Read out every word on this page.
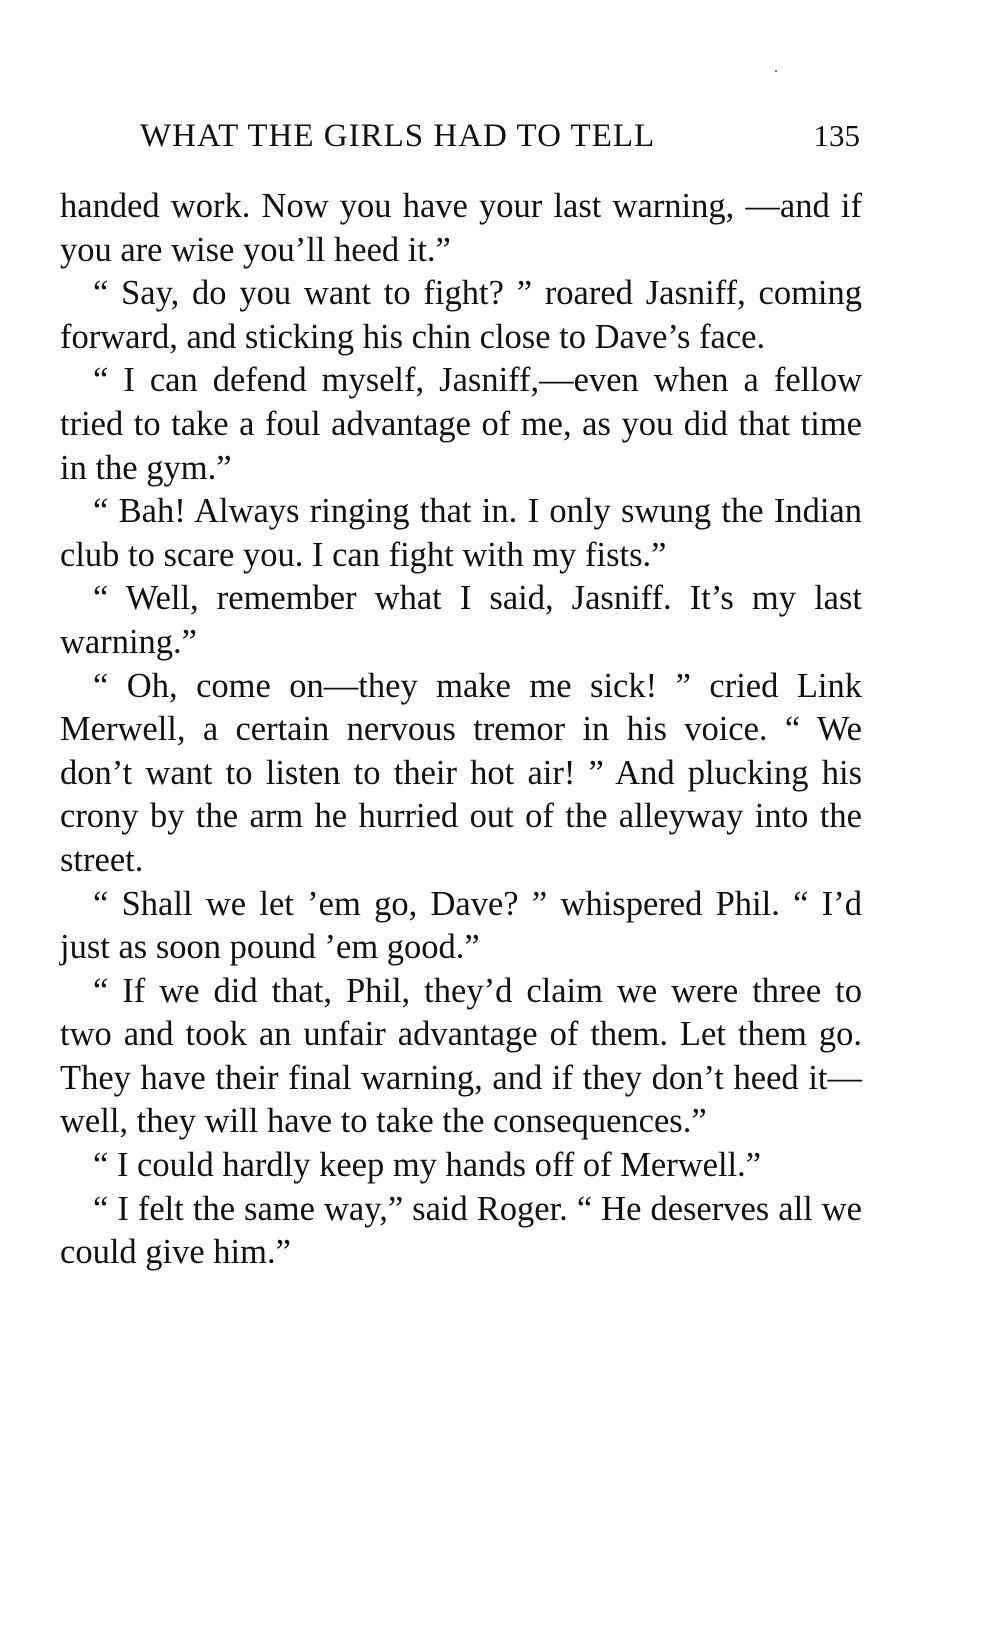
WHAT THE GIRLS HAD TO TELL	135

handed work. Now you have your last warning, —and if you are wise you’ll heed it.”

“ Say, do you want to fight? ” roared Jasniff, coming forward, and sticking his chin close to Dave’s face.

“ I can defend myself, Jasniff,—even when a fellow tried to take a foul advantage of me, as you did that time in the gym.”

“ Bah! Always ringing that in. I only swung the Indian club to scare you. I can fight with my fists.”

“ Well, remember what I said, Jasniff. It’s my last warning.”

“ Oh, come on—they make me sick! ” cried Link Merwell, a certain nervous tremor in his voice. “ We don’t want to listen to their hot air! ” And plucking his crony by the arm he hurried out of the alleyway into the street.

“ Shall we let ’em go, Dave? ” whispered Phil. “ I’d just as soon pound ’em good.”

“ If we did that, Phil, they’d claim we were three to two and took an unfair advantage of them. Let them go. They have their final warning, and if they don’t heed it—well, they will have to take the consequences.”

“ I could hardly keep my hands off of Merwell.”

“ I felt the same way,” said Roger. “ He deserves all we could give him.”
